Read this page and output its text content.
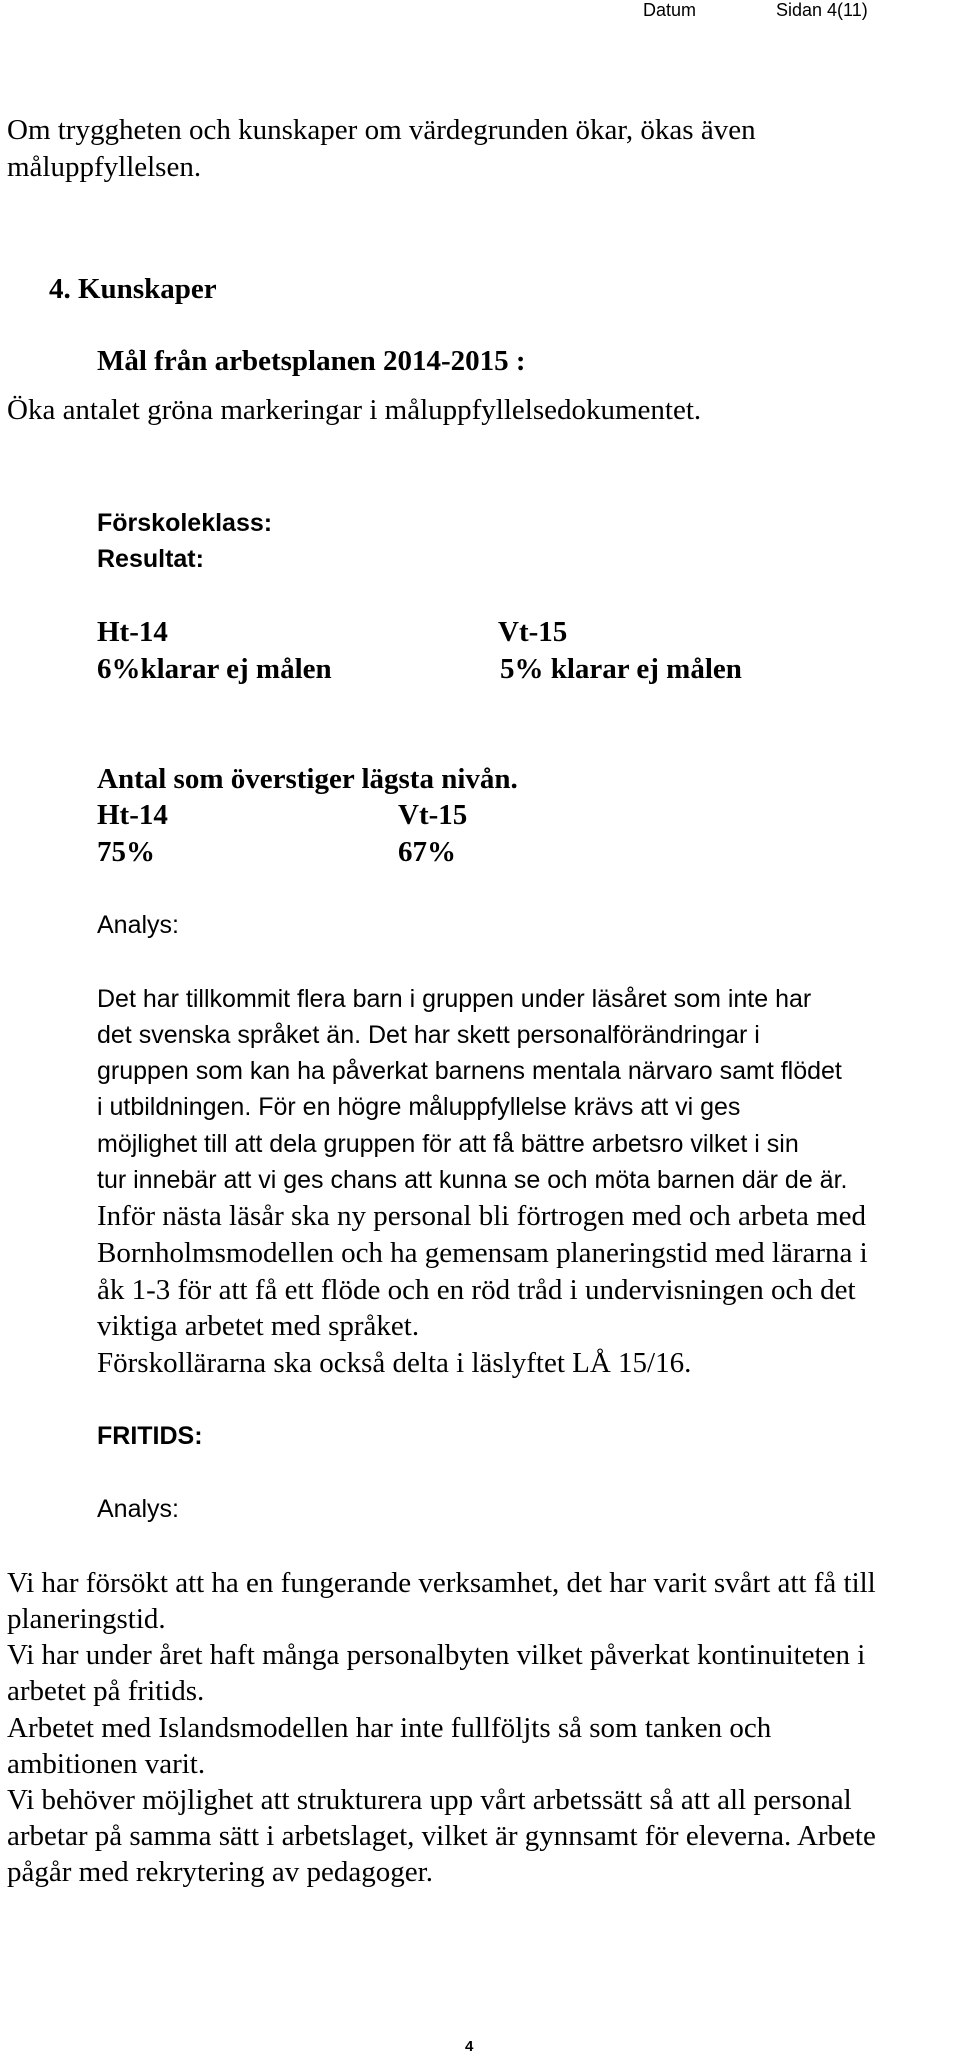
Datum	Sidan 4(11)
Om tryggheten och kunskaper om värdegrunden ökar, ökas även
måluppfyllelsen.
4. Kunskaper
Mål från arbetsplanen 2014-2015 :
Öka antalet gröna markeringar i måluppfyllelsedokumentet.
Förskoleklass:
Resultat:
Ht-14	Vt-15
6%klarar ej målen	5% klarar ej målen
Antal som överstiger lägsta nivån.
Ht-14	Vt-15
75%	67%
Analys:
Det har tillkommit flera barn i gruppen under läsåret som inte har
det svenska språket än. Det har skett personalförändringar i
gruppen som kan ha påverkat barnens mentala närvaro samt flödet
i utbildningen. För en högre måluppfyllelse krävs att vi ges
möjlighet till att dela gruppen för att få bättre arbetsro vilket i sin
tur innebär att vi ges chans att kunna se och möta barnen där de är.
Inför nästa läsår ska ny personal bli förtrogen med och arbeta med
Bornholmsmodellen och ha gemensam planeringstid med lärarna i
åk 1-3 för att få ett flöde och en röd tråd i undervisningen och det
viktiga arbetet med språket.
Förskollärarna ska också delta i läslyftet LÅ 15/16.
FRITIDS:
Analys:
Vi har försökt att ha en fungerande verksamhet, det har varit svårt att få till
planeringstid.
Vi har under året haft många personalbyten vilket påverkat kontinuiteten i
arbetet på fritids.
Arbetet med Islandsmodellen har inte fullföljts så som tanken och
ambitionen varit.
Vi behöver möjlighet att strukturera upp vårt arbetssätt så att all personal
arbetar på samma sätt i arbetslaget, vilket är gynnsamt för eleverna. Arbete
pågår med rekrytering av pedagoger.
4
